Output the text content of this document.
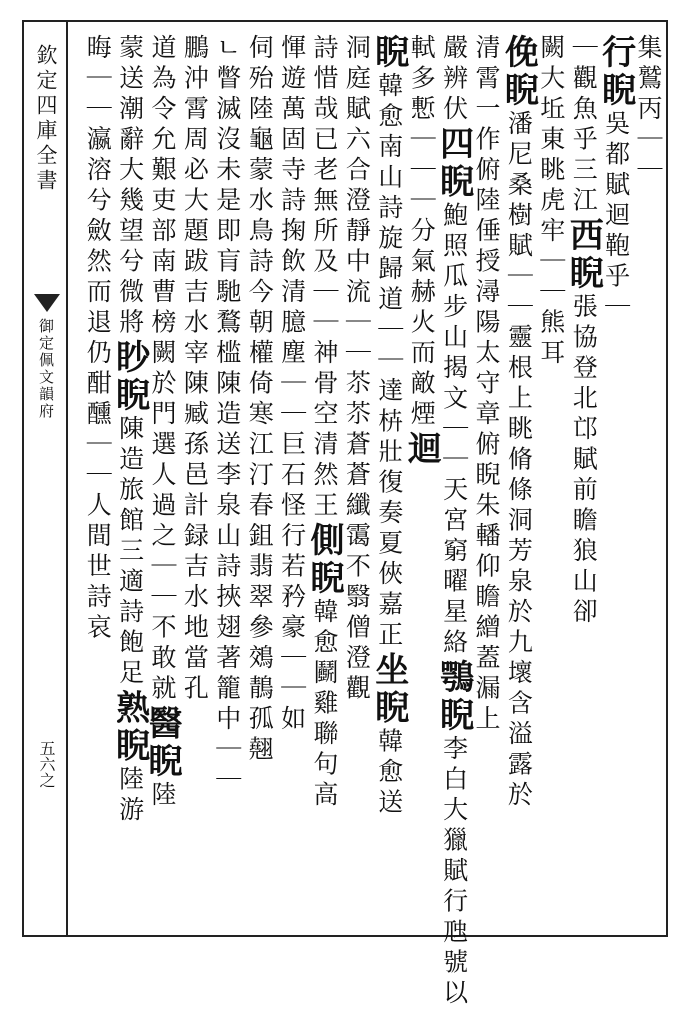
欽定四庫全書
御定佩文韻府
五六之
集鷲丙｜｜
行睨吳都賦迴鞄乎｜
｜觀魚乎三江西睨張協登北邙賦前瞻狼山卻
闕大坵東眺虎牢｜｜熊耳
俛睨潘尼桑樹賦｜｜靈根上眺脩條洞芳泉於九壞含溢露於
清霄一作俯陸倕授潯陽太守章俯睨朱轓仰瞻繒蓋漏上
嚴辨伏四睨鮑照瓜步山揭文｜｜天宮窮曜星絡鶚睨李白大獵賦行虺號以
軾多慙｜｜｜分氣赫火而敵煙迴
睨韓愈南山詩旋歸道｜｜達枿壯復奏夏俠嘉正坐睨韓愈送
洞庭賦六合澄靜中流｜｜苶苶蒼蒼纖霭不翳僧澄觀
詩惜哉已老無所及｜｜神骨空清然王側睨韓愈鬬雞聯句高
惲遊萬固寺詩掬飲清臆塵｜｜巨石怪行若矜豪｜｜如
伺殆陸龜蒙水鳥詩今朝權倚寒江汀春鉏翡翠參鵁鶄孤翹
ㄴ瞥滅沒未是即肓馳鶩槛陳造送李泉山詩挾翅著籠中｜｜
鵬沖霄周必大題跋吉水宰陳臧孫邑計録吉水地當孔
道為令允艱吏部南曹榜闕於門選人過之｜｜不敢就醫睨陸
蒙送潮辭大幾望兮微將眇睨陳造旅館三適詩飽足熟睨陸游
晦｜｜瀛溶兮斂然而退仍酣醺｜｜人間世詩哀
